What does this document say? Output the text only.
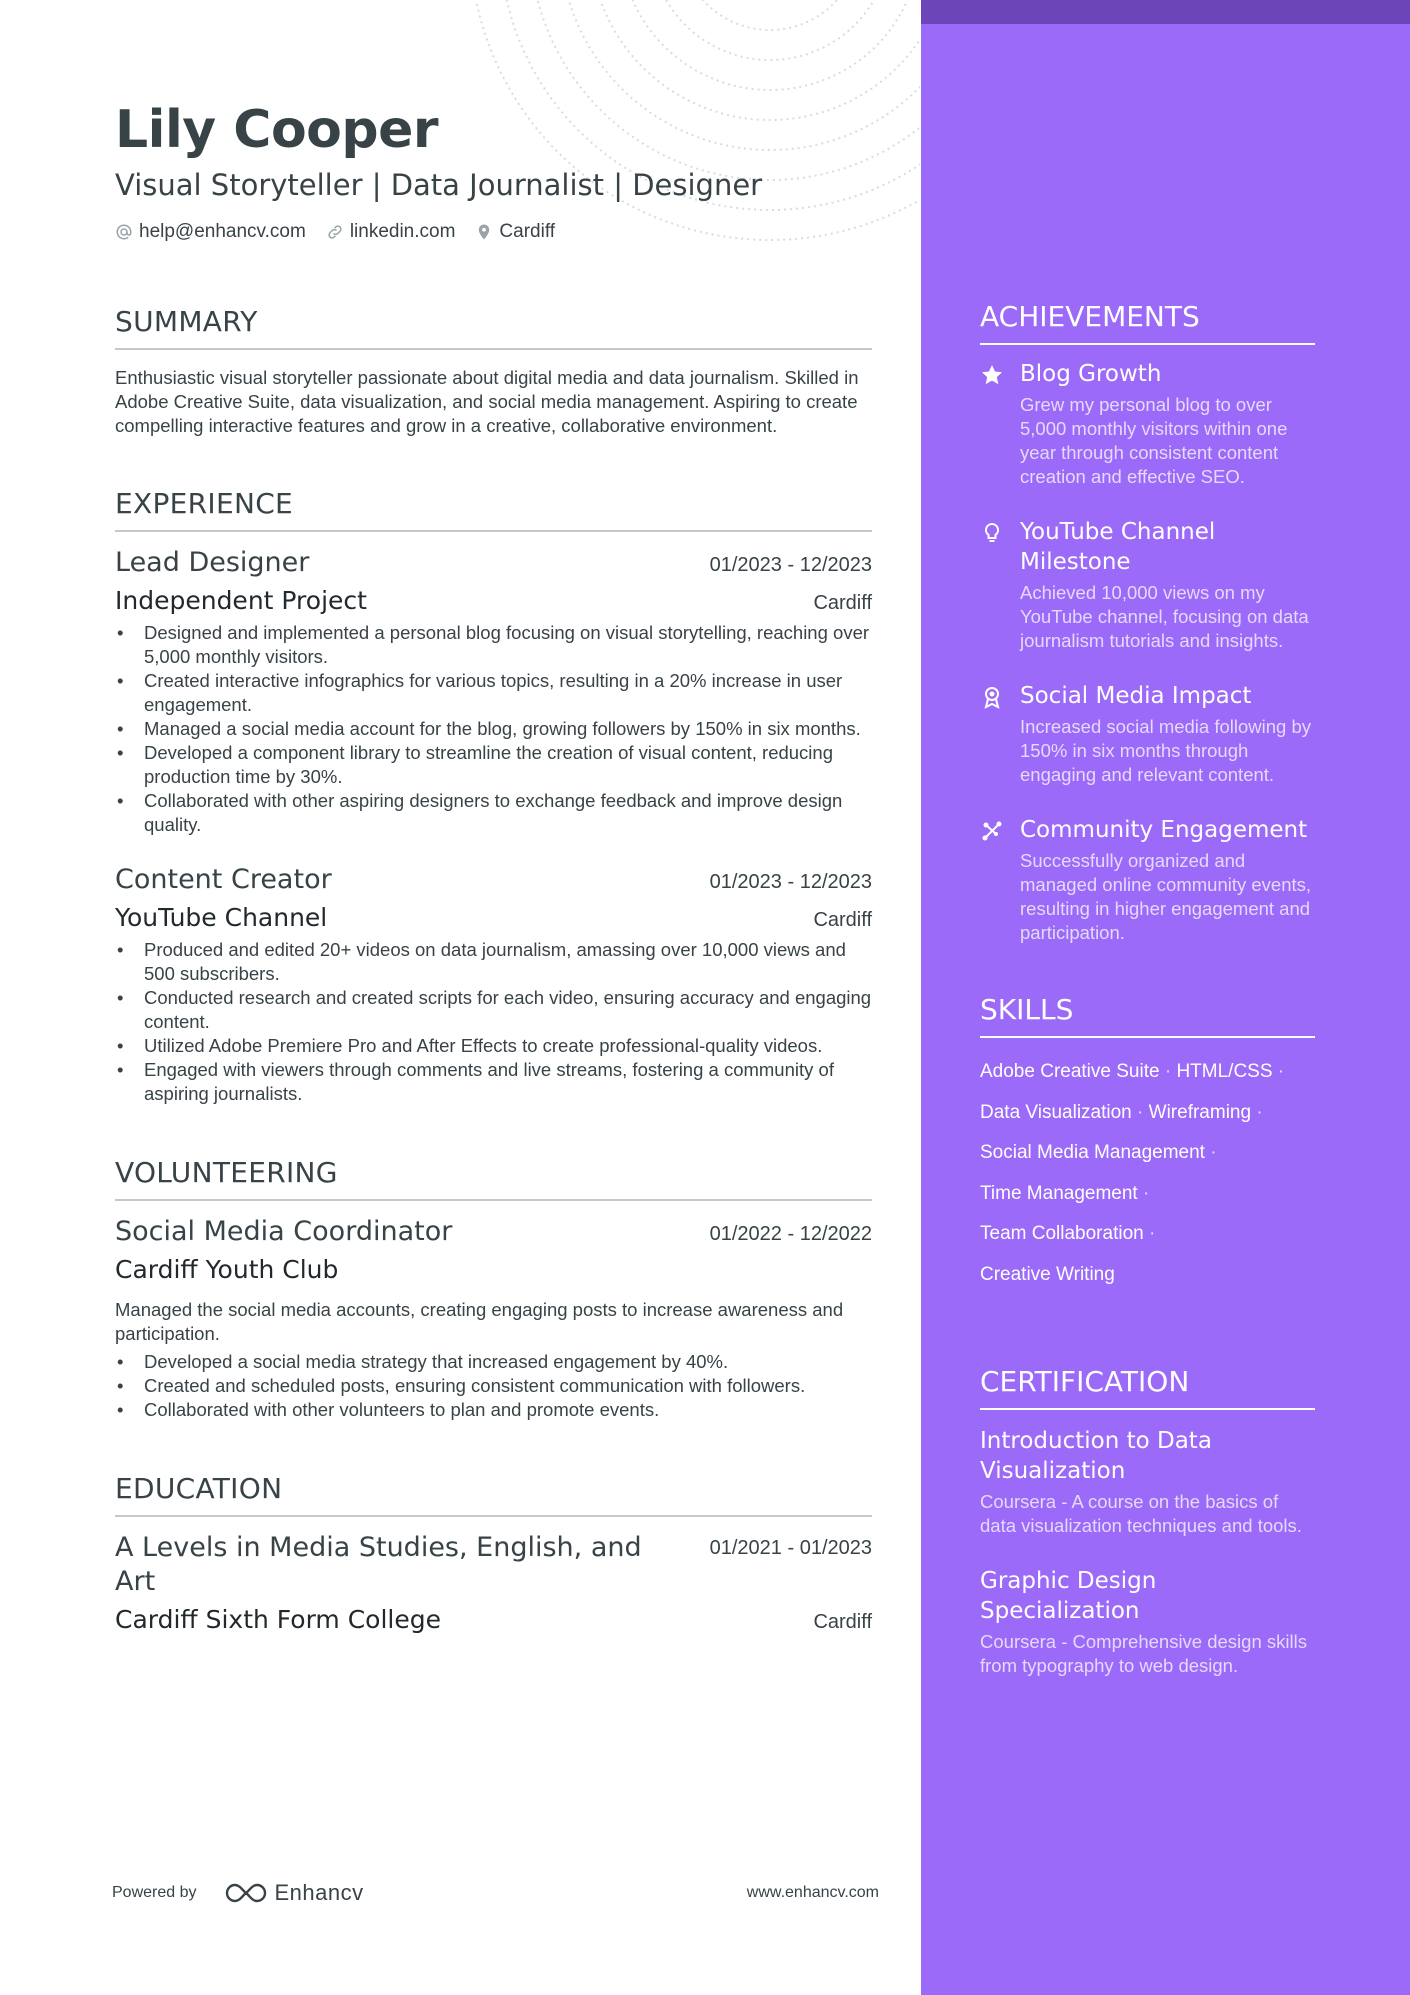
Lily Cooper
Visual Storyteller | Data Journalist | Designer
help@enhancv.com linkedin.com Cardiff
SUMMARY
Enthusiastic visual storyteller passionate about digital media and data journalism. Skilled in Adobe Creative Suite, data visualization, and social media management. Aspiring to create compelling interactive features and grow in a creative, collaborative environment.
EXPERIENCE
Lead Designer	01/2023 - 12/2023
Independent Project	Cardiff
• Designed and implemented a personal blog focusing on visual storytelling, reaching over 5,000 monthly visitors.
• Created interactive infographics for various topics, resulting in a 20% increase in user engagement.
• Managed a social media account for the blog, growing followers by 150% in six months.
• Developed a component library to streamline the creation of visual content, reducing production time by 30%.
• Collaborated with other aspiring designers to exchange feedback and improve design quality.
Content Creator	01/2023 - 12/2023
YouTube Channel	Cardiff
• Produced and edited 20+ videos on data journalism, amassing over 10,000 views and 500 subscribers.
• Conducted research and created scripts for each video, ensuring accuracy and engaging content.
• Utilized Adobe Premiere Pro and After Effects to create professional-quality videos.
• Engaged with viewers through comments and live streams, fostering a community of aspiring journalists.
VOLUNTEERING
Social Media Coordinator	01/2022 - 12/2022
Cardiff Youth Club
Managed the social media accounts, creating engaging posts to increase awareness and participation.
• Developed a social media strategy that increased engagement by 40%.
• Created and scheduled posts, ensuring consistent communication with followers.
• Collaborated with other volunteers to plan and promote events.
EDUCATION
A Levels in Media Studies, English, and Art
01/2021 - 01/2023
Cardiff Sixth Form College	Cardiff
ACHIEVEMENTS
Blog Growth
Grew my personal blog to over 5,000 monthly visitors within one year through consistent content creation and effective SEO.
YouTube Channel Milestone
Achieved 10,000 views on my YouTube channel, focusing on data journalism tutorials and insights.
Social Media Impact
Increased social media following by 150% in six months through engaging and relevant content.
Community Engagement
Successfully organized and managed online community events, resulting in higher engagement and participation.
SKILLS
Adobe Creative Suite · HTML/CSS ·
Data Visualization · Wireframing ·
Social Media Management ·
Time Management ·
Team Collaboration ·
Creative Writing
CERTIFICATION
Introduction to Data Visualization
Coursera - A course on the basics of data visualization techniques and tools.
Graphic Design Specialization
Coursera - Comprehensive design skills from typography to web design.
Powered by	Enhancv	www.enhancv.com
